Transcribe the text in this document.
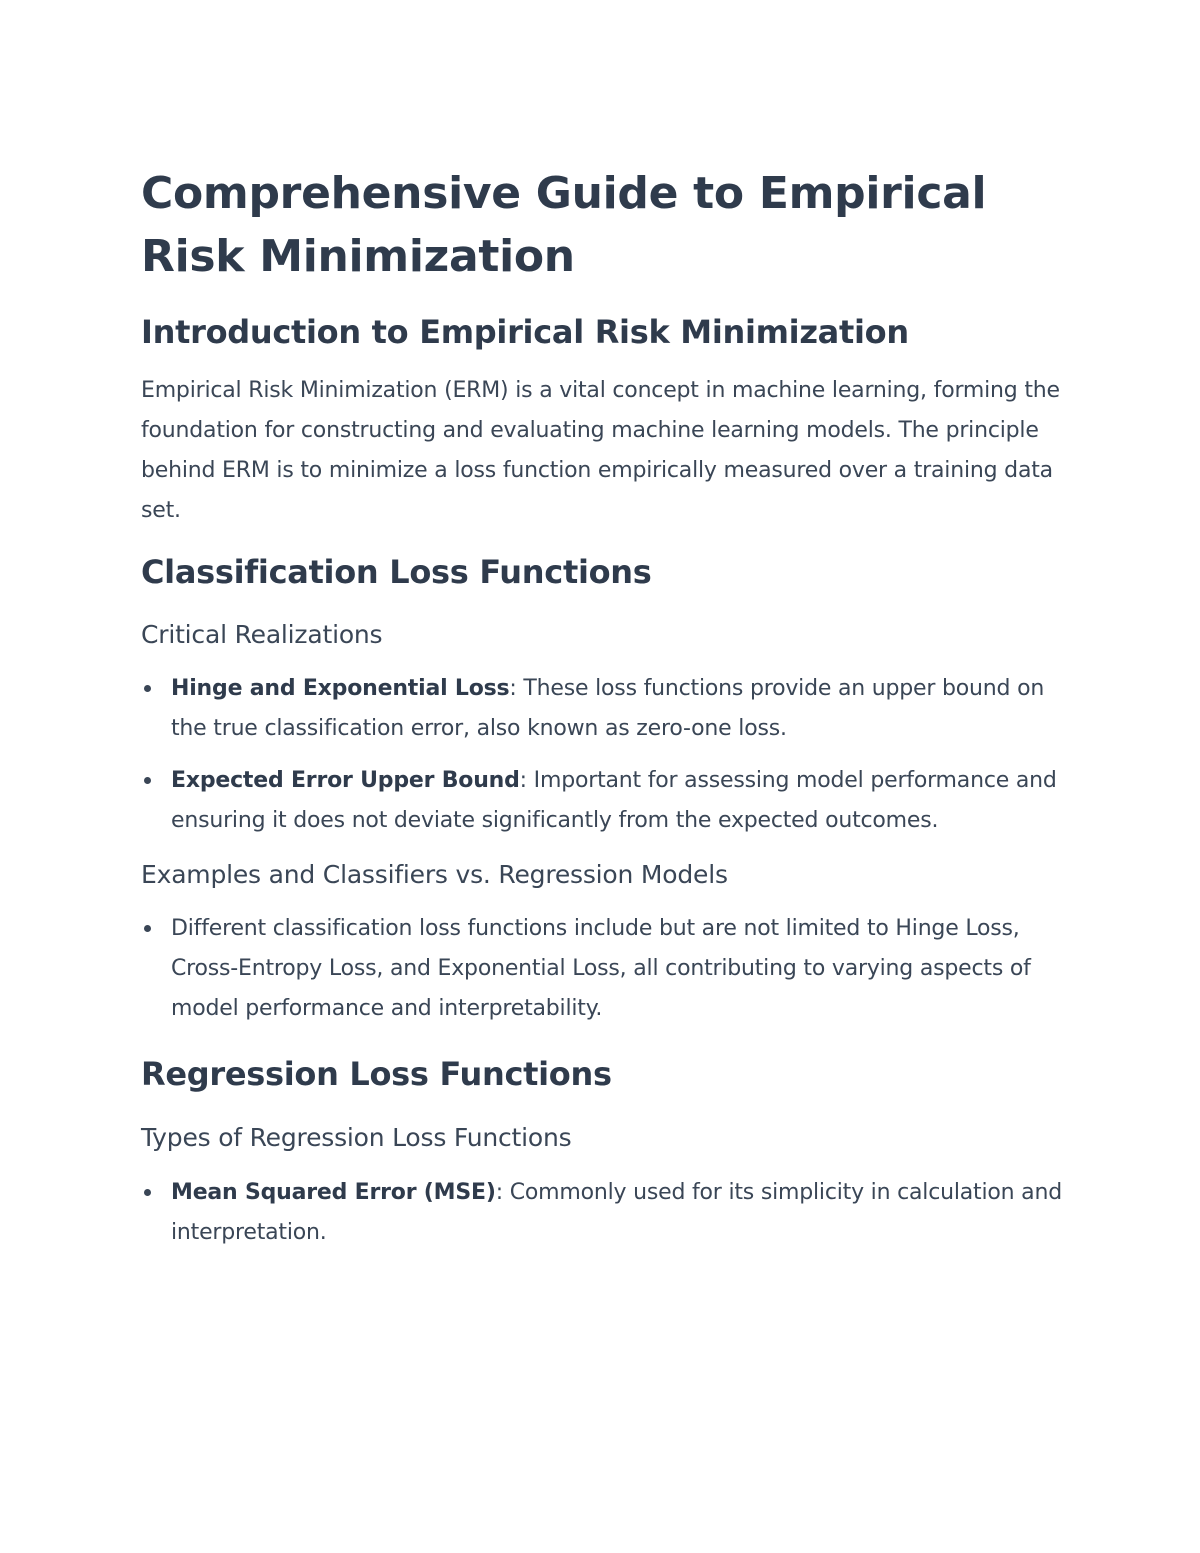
Comprehensive Guide to Empirical Risk Minimization
Introduction to Empirical Risk Minimization

Empirical Risk Minimization (ERM) is a vital concept in machine learning, forming the foundation for constructing and evaluating machine learning models. The principle behind ERM is to minimize a loss function empirically measured over a training data set.

Classification Loss Functions
Critical Realizations
Hinge and Exponential Loss: These loss functions provide an upper bound on the true classification error, also known as zero-one loss.
Expected Error Upper Bound: Important for assessing model performance and ensuring it does not deviate significantly from the expected outcomes.
Examples and Classifiers vs. Regression Models
Different classification loss functions include but are not limited to Hinge Loss, Cross-Entropy Loss, and Exponential Loss, all contributing to varying aspects of model performance and interpretability.
Regression Loss Functions
Types of Regression Loss Functions
Mean Squared Error (MSE): Commonly used for its simplicity in calculation and interpretation.
